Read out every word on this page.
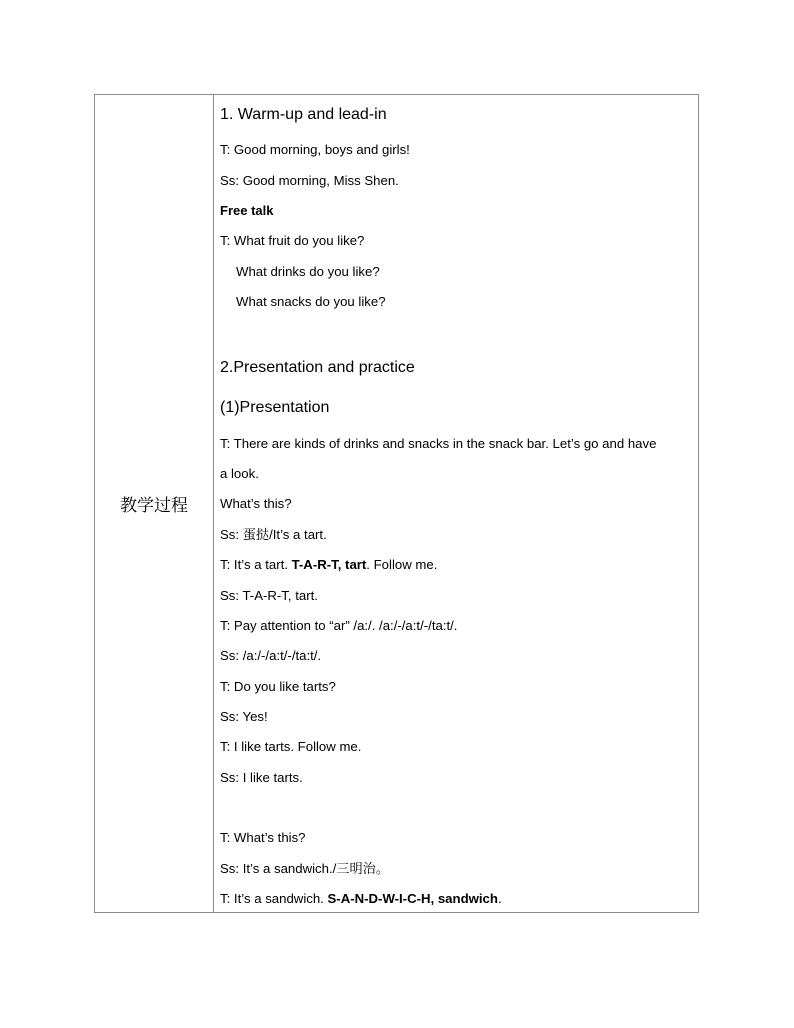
教学过程
1. Warm-up and lead-in
T: Good morning, boys and girls!
Ss: Good morning, Miss Shen.
Free talk
T: What fruit do you like?
What drinks do you like?
What snacks do you like?
2.Presentation and practice
(1)Presentation
T: There are kinds of drinks and snacks in the snack bar. Let’s go and have
a look.
What’s this?
Ss: 蛋挞/It’s a tart.
T: It’s a tart. T-A-R-T, tart. Follow me.
Ss: T-A-R-T, tart.
T: Pay attention to “ar” /a:/. /a:/-/a:t/-/ta:t/.
Ss: /a:/-/a:t/-/ta:t/.
T: Do you like tarts?
Ss: Yes!
T: I like tarts. Follow me.
Ss: I like tarts.
T: What’s this?
Ss: It’s a sandwich./三明治。
T: It’s a sandwich. S-A-N-D-W-I-C-H, sandwich.
